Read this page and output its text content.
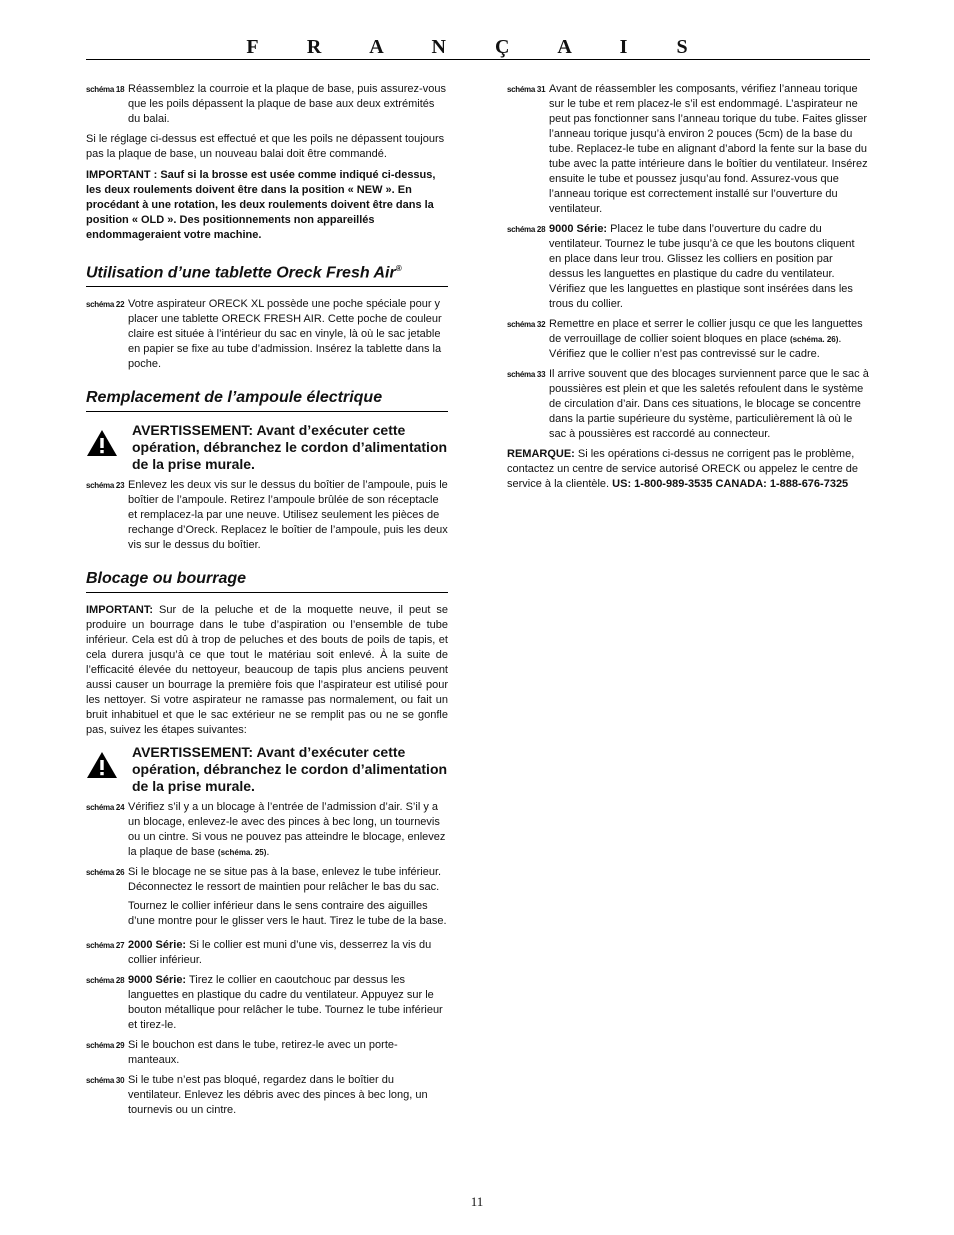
F R A N Ç A I S
schéma 18 Réassemblez la courroie et la plaque de base, puis assurez-vous que les poils dépassent la plaque de base aux deux extrémités du balai.

Si le réglage ci-dessus est effectué et que les poils ne dépassent toujours pas la plaque de base, un nouveau balai doit être commandé.

IMPORTANT : Sauf si la brosse est usée comme indiqué ci-dessus, les deux roulements doivent être dans la position « NEW ». En procédant à une rotation, les deux roulements doivent être dans la position « OLD ». Des positionnements non appareillés endommageraient votre machine.

Utilisation d’une tablette Oreck Fresh Air®
schéma 22 Votre aspirateur ORECK XL possède une poche spéciale pour y placer une tablette ORECK FRESH AIR. Cette poche de couleur claire est située à l’intérieur du sac en vinyle, là où le sac jetable en papier se fixe au tube d’admission. Insérez la tablette dans la poche.
Remplacement de l’ampoule électrique
AVERTISSEMENT: Avant d’exécuter cette opération, débranchez le cordon d’alimentation de la prise murale.
schéma 23 Enlevez les deux vis sur le dessus du boîtier de l’ampoule, puis le boîtier de l’ampoule. Retirez l’ampoule brûlée de son réceptacle et remplacez-la par une neuve. Utilisez seulement les pièces de rechange d’Oreck. Replacez le boîtier de l’ampoule, puis les deux vis sur le dessus du boîtier.
Blocage ou bourrage

IMPORTANT: Sur de la peluche et de la moquette neuve, il peut se produire un bourrage dans le tube d’aspiration ou l’ensemble de tube inférieur. Cela est dû à trop de peluches et des bouts de poils de tapis, et cela durera jusqu’à ce que tout le matériau soit enlevé. À la suite de l’efficacité élevée du nettoyeur, beaucoup de tapis plus anciens peuvent aussi causer un bourrage la première fois que l’aspirateur est utilisé pour les nettoyer. Si votre aspirateur ne ramasse pas normalement, ou fait un bruit inhabituel et que le sac extérieur ne se remplit pas ou ne se gonfle pas, suivez les étapes suivantes:

AVERTISSEMENT: Avant d’exécuter cette opération, débranchez le cordon d’alimentation de la prise murale.
schéma 24 Vérifiez s’il y a un blocage à l’entrée de l’admission d’air. S’il y a un blocage, enlevez-le avec des pinces à bec long, un tournevis ou un cintre. Si vous ne pouvez pas atteindre le blocage, enlevez la plaque de base (schéma. 25).
schéma 26 Si le blocage ne se situe pas à la base, enlevez le tube inférieur. Déconnectez le ressort de maintien pour relâcher le bas du sac.

Tournez le collier inférieur dans le sens contraire des aiguilles d’une montre pour le glisser vers le haut. Tirez le tube de la base.

schéma 27 2000 Série: Si le collier est muni d’une vis, desserrez la vis du collier inférieur.
schéma 28 9000 Série: Tirez le collier en caoutchouc par dessus les languettes en plastique du cadre du ventilateur. Appuyez sur le bouton métallique pour relâcher le tube. Tournez le tube inférieur et tirez-le.
schéma 29 Si le bouchon est dans le tube, retirez-le avec un porte-manteaux.
schéma 30 Si le tube n’est pas bloqué, regardez dans le boîtier du ventilateur. Enlevez les débris avec des pinces à bec long, un tournevis ou un cintre.
schéma 31 Avant de réassembler les composants, vérifiez l’anneau torique sur le tube et rem placez-le s’il est endommagé. L’aspirateur ne peut pas fonctionner sans l’anneau torique du tube. Faites glisser l’anneau torique jusqu’à environ 2 pouces (5cm) de la base du tube. Replacez-le tube en alignant d’abord la fente sur la base du tube avec la patte intérieure dans le boîtier du ventilateur. Insérez ensuite le tube et poussez jusqu’au fond. Assurez-vous que l’anneau torique est correctement installé sur l’ouverture du ventilateur.
schéma 28 9000 Série: Placez le tube dans l’ouverture du cadre du ventilateur. Tournez le tube jusqu’à ce que les boutons cliquent en place dans leur trou. Glissez les colliers en position par dessus les languettes en plastique du cadre du ventilateur. Vérifiez que les languettes en plastique sont insérées dans les trous du collier.
schéma 32 Remettre en place et serrer le collier jusqu ce que les languettes de verrouillage de collier soient bloques en place (schéma. 26). Vérifiez que le collier n’est pas contrevissé sur le cadre.
schéma 33 Il arrive souvent que des blocages surviennent parce que le sac à poussières est plein et que les saletés refoulent dans le système de circulation d’air. Dans ces situations, le blocage se concentre dans la partie supérieure du système, particulièrement là où le sac à poussières est raccordé au connecteur.

REMARQUE: Si les opérations ci-dessus ne corrigent pas le problème, contactez un centre de service autorisé ORECK ou appelez le centre de service à la clientèle. US: 1-800-989-3535 CANADA: 1-888-676-7325

11
